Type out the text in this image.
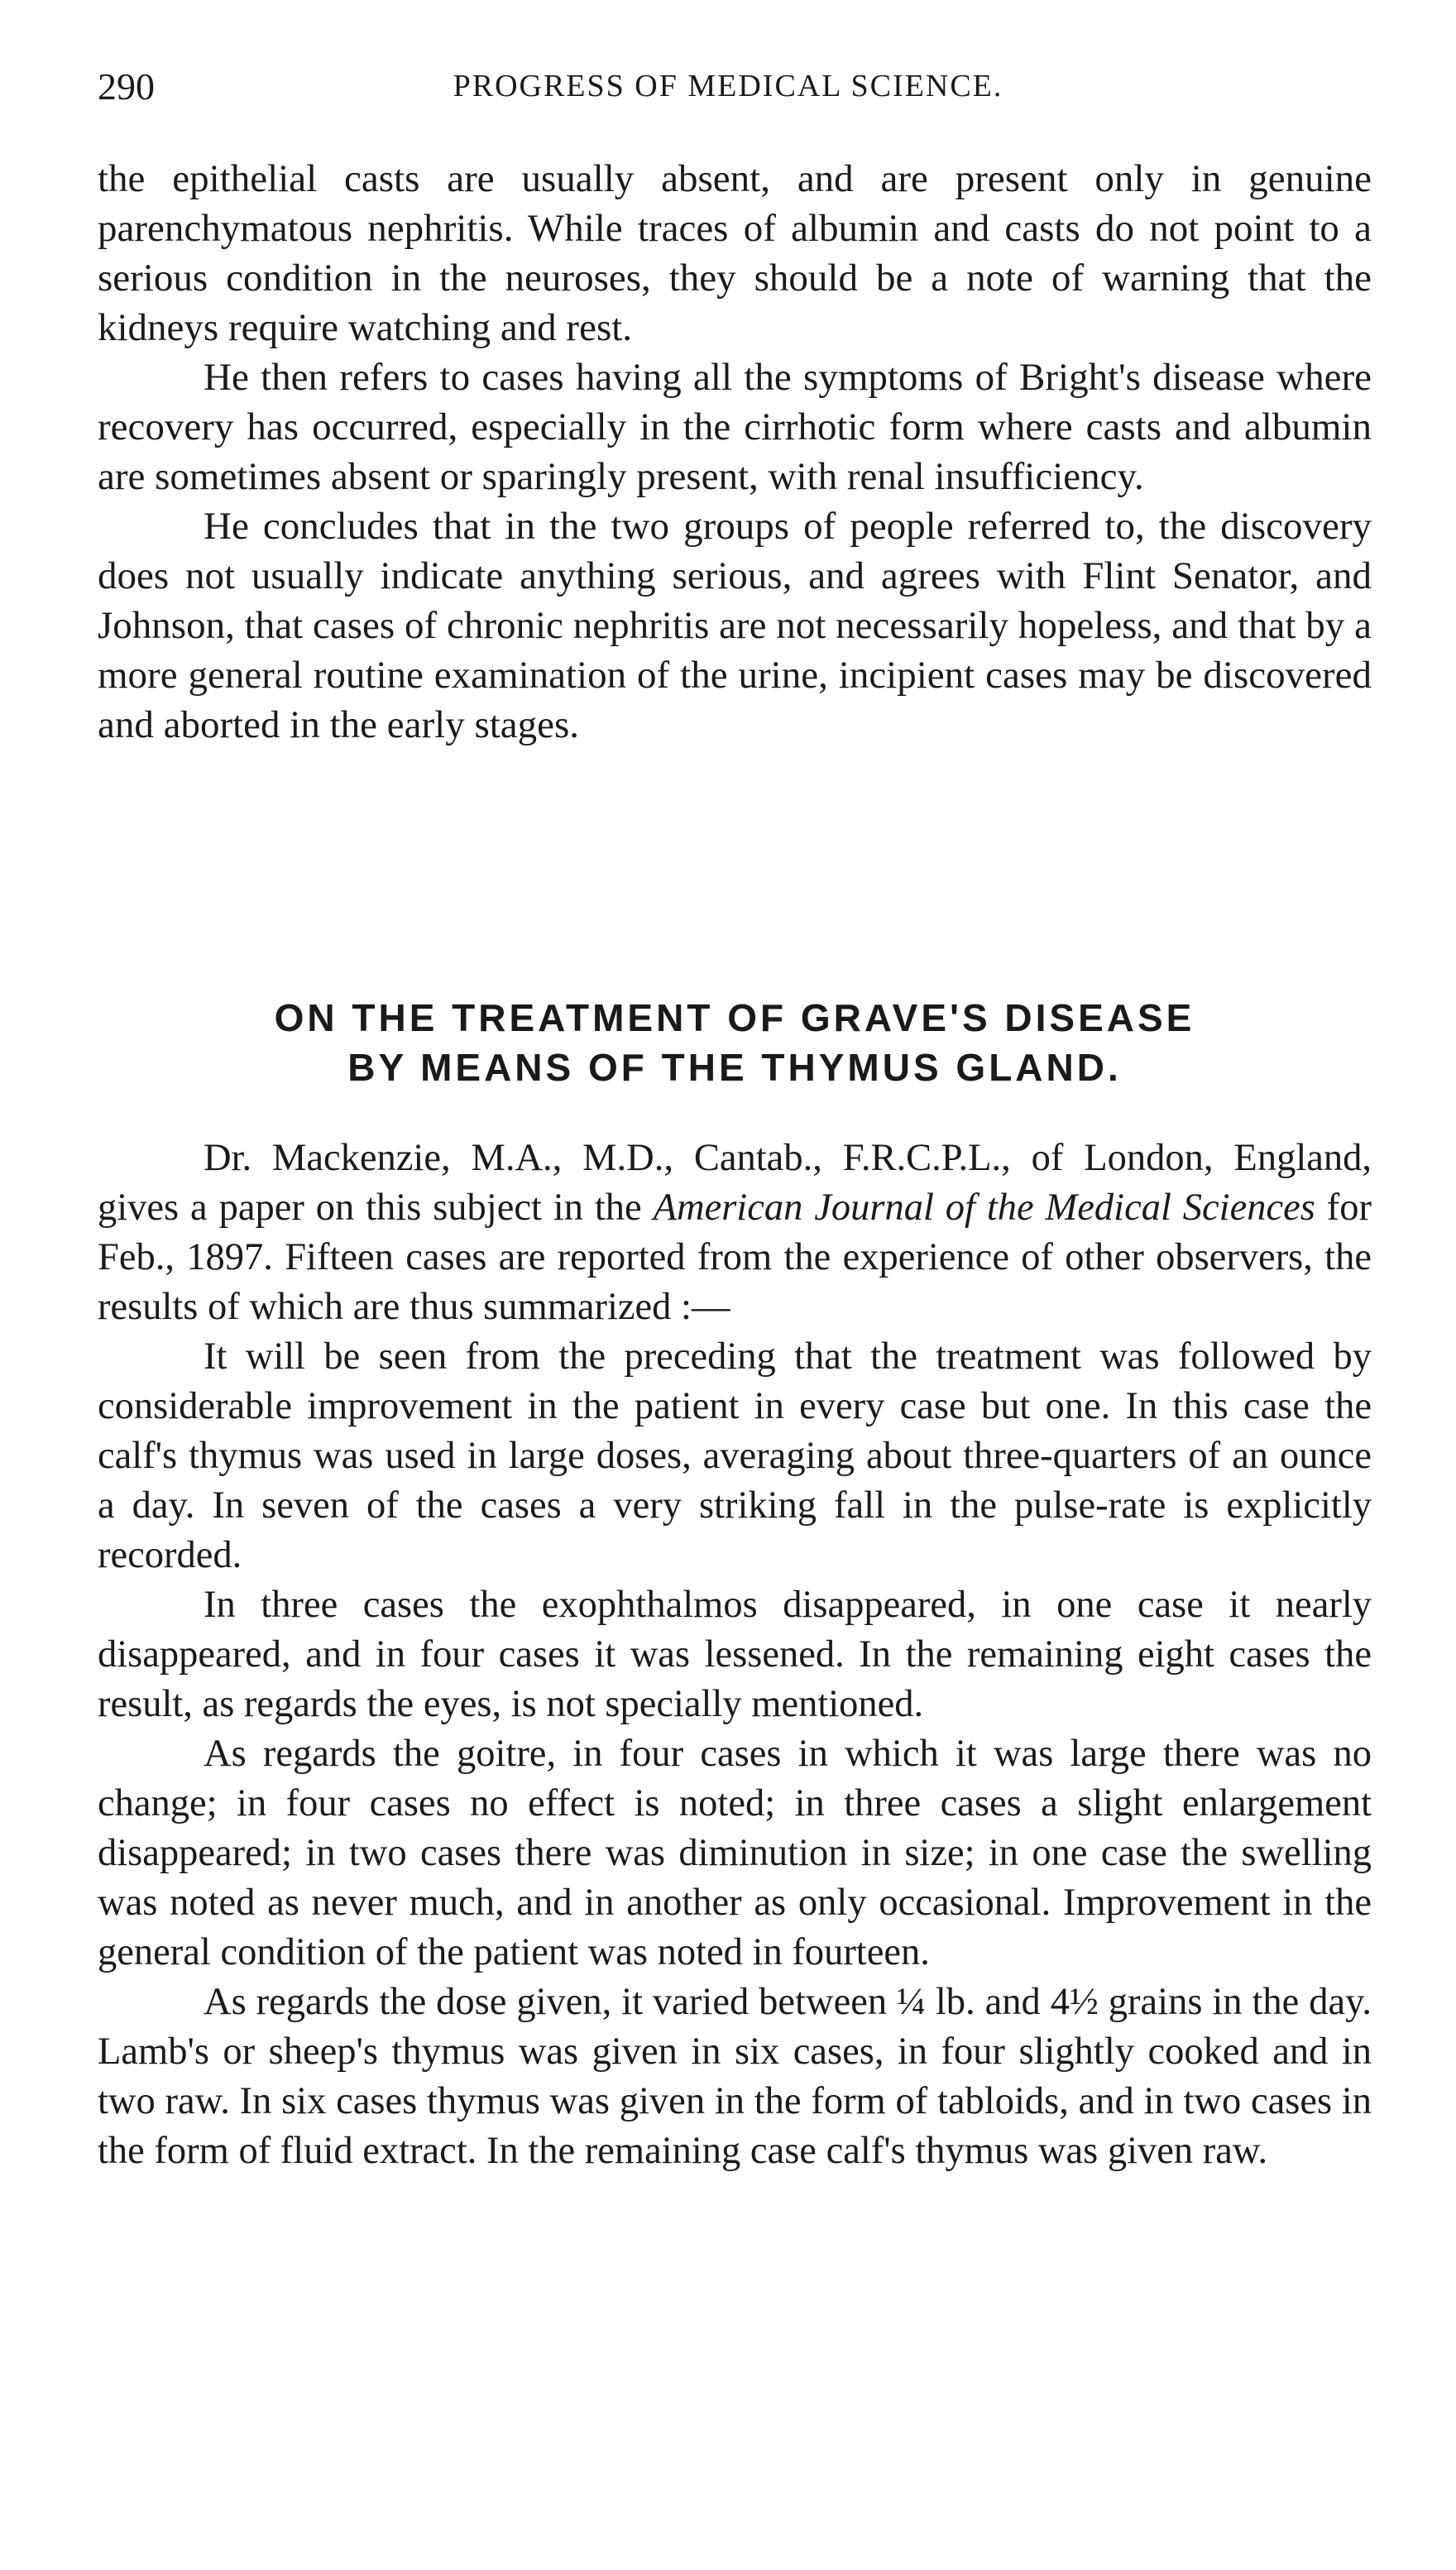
290	PROGRESS OF MEDICAL SCIENCE.

the epithelial casts are usually absent, and are present only in genuine parenchymatous nephritis. While traces of albumin and casts do not point to a serious condition in the neuroses, they should be a note of warning that the kidneys require watching and rest.

He then refers to cases having all the symptoms of Bright's disease where recovery has occurred, especially in the cirrhotic form where casts and albumin are sometimes absent or sparingly present, with renal insufficiency.

He concludes that in the two groups of people referred to, the discovery does not usually indicate anything serious, and agrees with Flint Senator, and Johnson, that cases of chronic nephritis are not necessarily hopeless, and that by a more general routine examination of the urine, incipient cases may be discovered and aborted in the early stages.

ON THE TREATMENT OF GRAVE'S DISEASE
BY MEANS OF THE THYMUS GLAND.

Dr. Mackenzie, M.A., M.D., Cantab., F.R.C.P.L., of London, England, gives a paper on this subject in the American Journal of the Medical Sciences for Feb., 1897. Fifteen cases are reported from the experience of other observers, the results of which are thus summarized :—

It will be seen from the preceding that the treatment was followed by considerable improvement in the patient in every case but one. In this case the calf's thymus was used in large doses, averaging about three-quarters of an ounce a day. In seven of the cases a very striking fall in the pulse-rate is explicitly recorded.

In three cases the exophthalmos disappeared, in one case it nearly disappeared, and in four cases it was lessened. In the remaining eight cases the result, as regards the eyes, is not specially mentioned.

As regards the goitre, in four cases in which it was large there was no change; in four cases no effect is noted; in three cases a slight enlargement disappeared; in two cases there was diminution in size; in one case the swelling was noted as never much, and in another as only occasional. Improvement in the general condition of the patient was noted in fourteen.

As regards the dose given, it varied between ¼ lb. and 4½ grains in the day. Lamb's or sheep's thymus was given in six cases, in four slightly cooked and in two raw. In six cases thymus was given in the form of tabloids, and in two cases in the form of fluid extract. In the remaining case calf's thymus was given raw.
